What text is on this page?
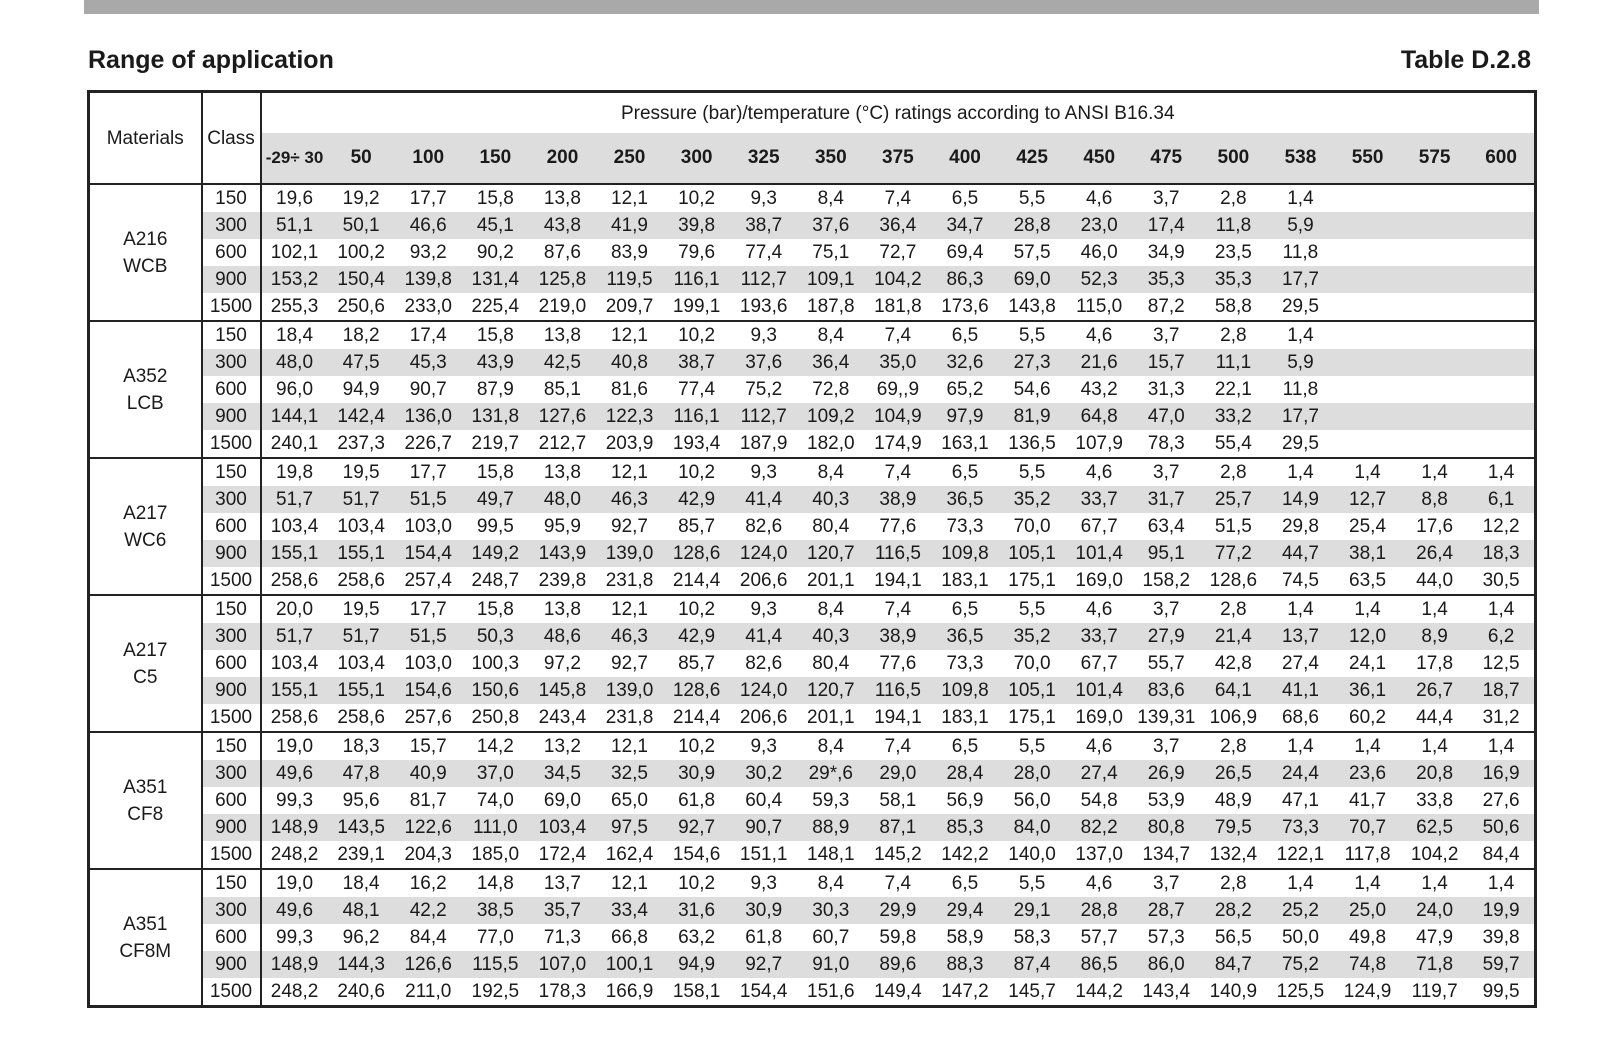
Range of application	Table D.2.8
Materials	Class	Pressure (bar)/temperature (°C) ratings according to ANSI B16.34																		
		-29÷ 30	50	100	150	200	250	300	325	350	375	400	425	450	475	500	538	550	575	600

A216
WCB	150	19,6	19,2	17,7	15,8	13,8	12,1	10,2	9,3	8,4	7,4	6,5	5,5	4,6	3,7	2,8	1,4			
	300	51,1	50,1	46,6	45,1	43,8	41,9	39,8	38,7	37,6	36,4	34,7	28,8	23,0	17,4	11,8	5,9			
	600	102,1	100,2	93,2	90,2	87,6	83,9	79,6	77,4	75,1	72,7	69,4	57,5	46,0	34,9	23,5	11,8			
	900	153,2	150,4	139,8	131,4	125,8	119,5	116,1	112,7	109,1	104,2	86,3	69,0	52,3	35,3	35,3	17,7			
	1500	255,3	250,6	233,0	225,4	219,0	209,7	199,1	193,6	187,8	181,8	173,6	143,8	115,0	87,2	58,8	29,5			

A352
LCB	150	18,4	18,2	17,4	15,8	13,8	12,1	10,2	9,3	8,4	7,4	6,5	5,5	4,6	3,7	2,8	1,4			
	300	48,0	47,5	45,3	43,9	42,5	40,8	38,7	37,6	36,4	35,0	32,6	27,3	21,6	15,7	11,1	5,9			
	600	96,0	94,9	90,7	87,9	85,1	81,6	77,4	75,2	72,8	69,,9	65,2	54,6	43,2	31,3	22,1	11,8			
	900	144,1	142,4	136,0	131,8	127,6	122,3	116,1	112,7	109,2	104,9	97,9	81,9	64,8	47,0	33,2	17,7			
	1500	240,1	237,3	226,7	219,7	212,7	203,9	193,4	187,9	182,0	174,9	163,1	136,5	107,9	78,3	55,4	29,5			

A217
WC6	150	19,8	19,5	17,7	15,8	13,8	12,1	10,2	9,3	8,4	7,4	6,5	5,5	4,6	3,7	2,8	1,4	1,4	1,4	1,4
	300	51,7	51,7	51,5	49,7	48,0	46,3	42,9	41,4	40,3	38,9	36,5	35,2	33,7	31,7	25,7	14,9	12,7	8,8	6,1
	600	103,4	103,4	103,0	99,5	95,9	92,7	85,7	82,6	80,4	77,6	73,3	70,0	67,7	63,4	51,5	29,8	25,4	17,6	12,2
	900	155,1	155,1	154,4	149,2	143,9	139,0	128,6	124,0	120,7	116,5	109,8	105,1	101,4	95,1	77,2	44,7	38,1	26,4	18,3
	1500	258,6	258,6	257,4	248,7	239,8	231,8	214,4	206,6	201,1	194,1	183,1	175,1	169,0	158,2	128,6	74,5	63,5	44,0	30,5

A217
C5	150	20,0	19,5	17,7	15,8	13,8	12,1	10,2	9,3	8,4	7,4	6,5	5,5	4,6	3,7	2,8	1,4	1,4	1,4	1,4
	300	51,7	51,7	51,5	50,3	48,6	46,3	42,9	41,4	40,3	38,9	36,5	35,2	33,7	27,9	21,4	13,7	12,0	8,9	6,2
	600	103,4	103,4	103,0	100,3	97,2	92,7	85,7	82,6	80,4	77,6	73,3	70,0	67,7	55,7	42,8	27,4	24,1	17,8	12,5
	900	155,1	155,1	154,6	150,6	145,8	139,0	128,6	124,0	120,7	116,5	109,8	105,1	101,4	83,6	64,1	41,1	36,1	26,7	18,7
	1500	258,6	258,6	257,6	250,8	243,4	231,8	214,4	206,6	201,1	194,1	183,1	175,1	169,0	139,31	106,9	68,6	60,2	44,4	31,2

A351
CF8	150	19,0	18,3	15,7	14,2	13,2	12,1	10,2	9,3	8,4	7,4	6,5	5,5	4,6	3,7	2,8	1,4	1,4	1,4	1,4
	300	49,6	47,8	40,9	37,0	34,5	32,5	30,9	30,2	29*,6	29,0	28,4	28,0	27,4	26,9	26,5	24,4	23,6	20,8	16,9
	600	99,3	95,6	81,7	74,0	69,0	65,0	61,8	60,4	59,3	58,1	56,9	56,0	54,8	53,9	48,9	47,1	41,7	33,8	27,6
	900	148,9	143,5	122,6	111,0	103,4	97,5	92,7	90,7	88,9	87,1	85,3	84,0	82,2	80,8	79,5	73,3	70,7	62,5	50,6
	1500	248,2	239,1	204,3	185,0	172,4	162,4	154,6	151,1	148,1	145,2	142,2	140,0	137,0	134,7	132,4	122,1	117,8	104,2	84,4

A351
CF8M	150	19,0	18,4	16,2	14,8	13,7	12,1	10,2	9,3	8,4	7,4	6,5	5,5	4,6	3,7	2,8	1,4	1,4	1,4	1,4
	300	49,6	48,1	42,2	38,5	35,7	33,4	31,6	30,9	30,3	29,9	29,4	29,1	28,8	28,7	28,2	25,2	25,0	24,0	19,9
	600	99,3	96,2	84,4	77,0	71,3	66,8	63,2	61,8	60,7	59,8	58,9	58,3	57,7	57,3	56,5	50,0	49,8	47,9	39,8
	900	148,9	144,3	126,6	115,5	107,0	100,1	94,9	92,7	91,0	89,6	88,3	87,4	86,5	86,0	84,7	75,2	74,8	71,8	59,7
	1500	248,2	240,6	211,0	192,5	178,3	166,9	158,1	154,4	151,6	149,4	147,2	145,7	144,2	143,4	140,9	125,5	124,9	119,7	99,5
